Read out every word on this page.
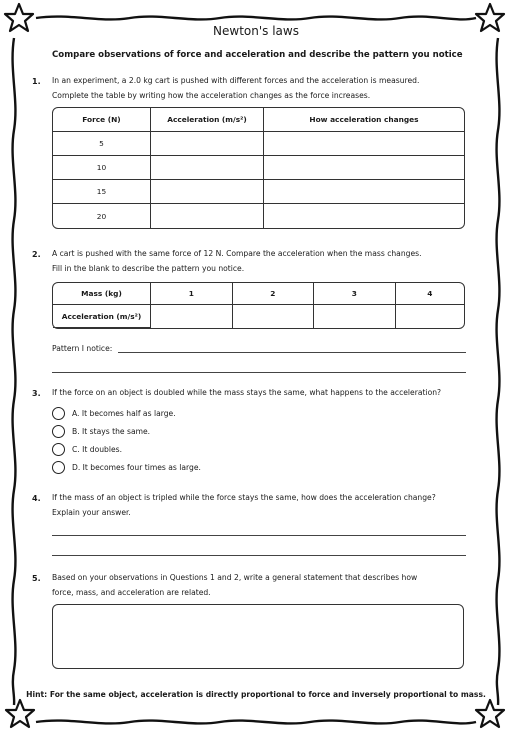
Newton's laws
Compare observations of force and acceleration and describe the pattern you notice
1. In an experiment, a 2.0 kg cart is pushed with different forces and the acceleration is measured.
Complete the table by writing how the acceleration changes as the force increases.
Force (N)	Acceleration (m/s²)	How acceleration changes
5		
10		
15		
20		
2. A cart is pushed with the same force of 12 N. Compare the acceleration when the mass changes.
Fill in the blank to describe the pattern you notice.
Mass (kg)	1	2	3	4
Acceleration (m/s²)				
Pattern I notice:
3. If the force on an object is doubled while the mass stays the same, what happens to the acceleration?
A. It becomes half as large.
B. It stays the same.
C. It doubles.
D. It becomes four times as large.
4. If the mass of an object is tripled while the force stays the same, how does the acceleration change?
Explain your answer.
5. Based on your observations in Questions 1 and 2, write a general statement that describes how
force, mass, and acceleration are related.
Hint: For the same object, acceleration is directly proportional to force and inversely proportional to mass.
